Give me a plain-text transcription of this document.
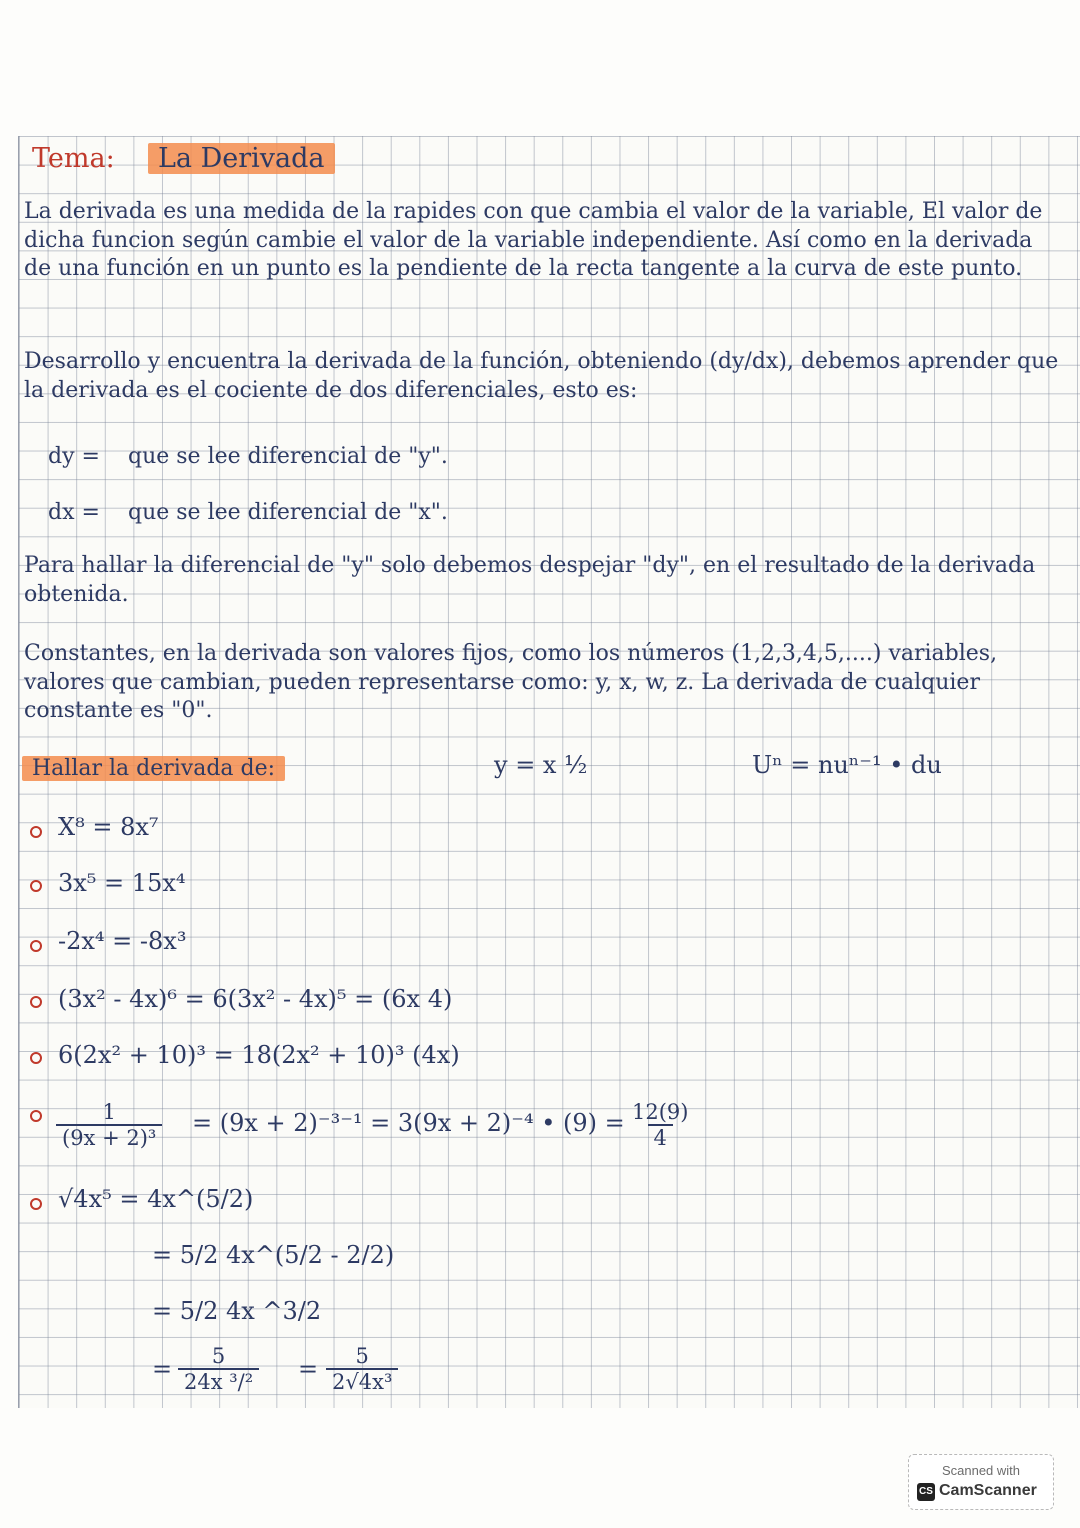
Tema:	La Derivada
La derivada es una medida de la rapides con que cambia el valor de la variable, El valor de dicha funcion según cambie el valor de la variable independiente. Así como en la derivada de una función en un punto es la pendiente de la recta tangente a la curva de este punto.
Desarrollo y encuentra la derivada de la función, obteniendo (dy/dx), debemos aprender que la derivada es el cociente de dos diferenciales, esto es:
dy = que se lee diferencial de "y".
dx = que se lee diferencial de "x".
Para hallar la diferencial de "y" solo debemos despejar "dy", en el resultado de la derivada obtenida.
Constantes, en la derivada son valores fijos, como los números (1,2,3,4,5,....) variables, valores que cambian, pueden representarse como: y, x, w, z. La derivada de cualquier constante es "0".
Hallar la derivada de:	y = x ½	Uⁿ = nuⁿ⁻¹ • du
X⁸ = 8x⁷
3x⁵ = 15x⁴
-2x⁴ = -8x³
(3x² - 4x)⁶ = 6(3x² - 4x)⁵ = (6x 4)
6(2x² + 10)³ = 18(2x² + 10)³ (4x)
$\frac{1}{\text{(9x + 2)³}} = (9x + 2)^{-3-1} = 3(9x + 2)^{-4}$ • $(9) = \frac{12(9)}{4}$
√4x⁵ = 4x^(5/2)
= 5/2 4x^(5/2 - 2/2)
= 5/2 4x ^3/2
= $\frac{5}{\text{24x ³/²}} = \frac{5}{\text{2√4x³}}$
Scanned with
CS CamScanner
